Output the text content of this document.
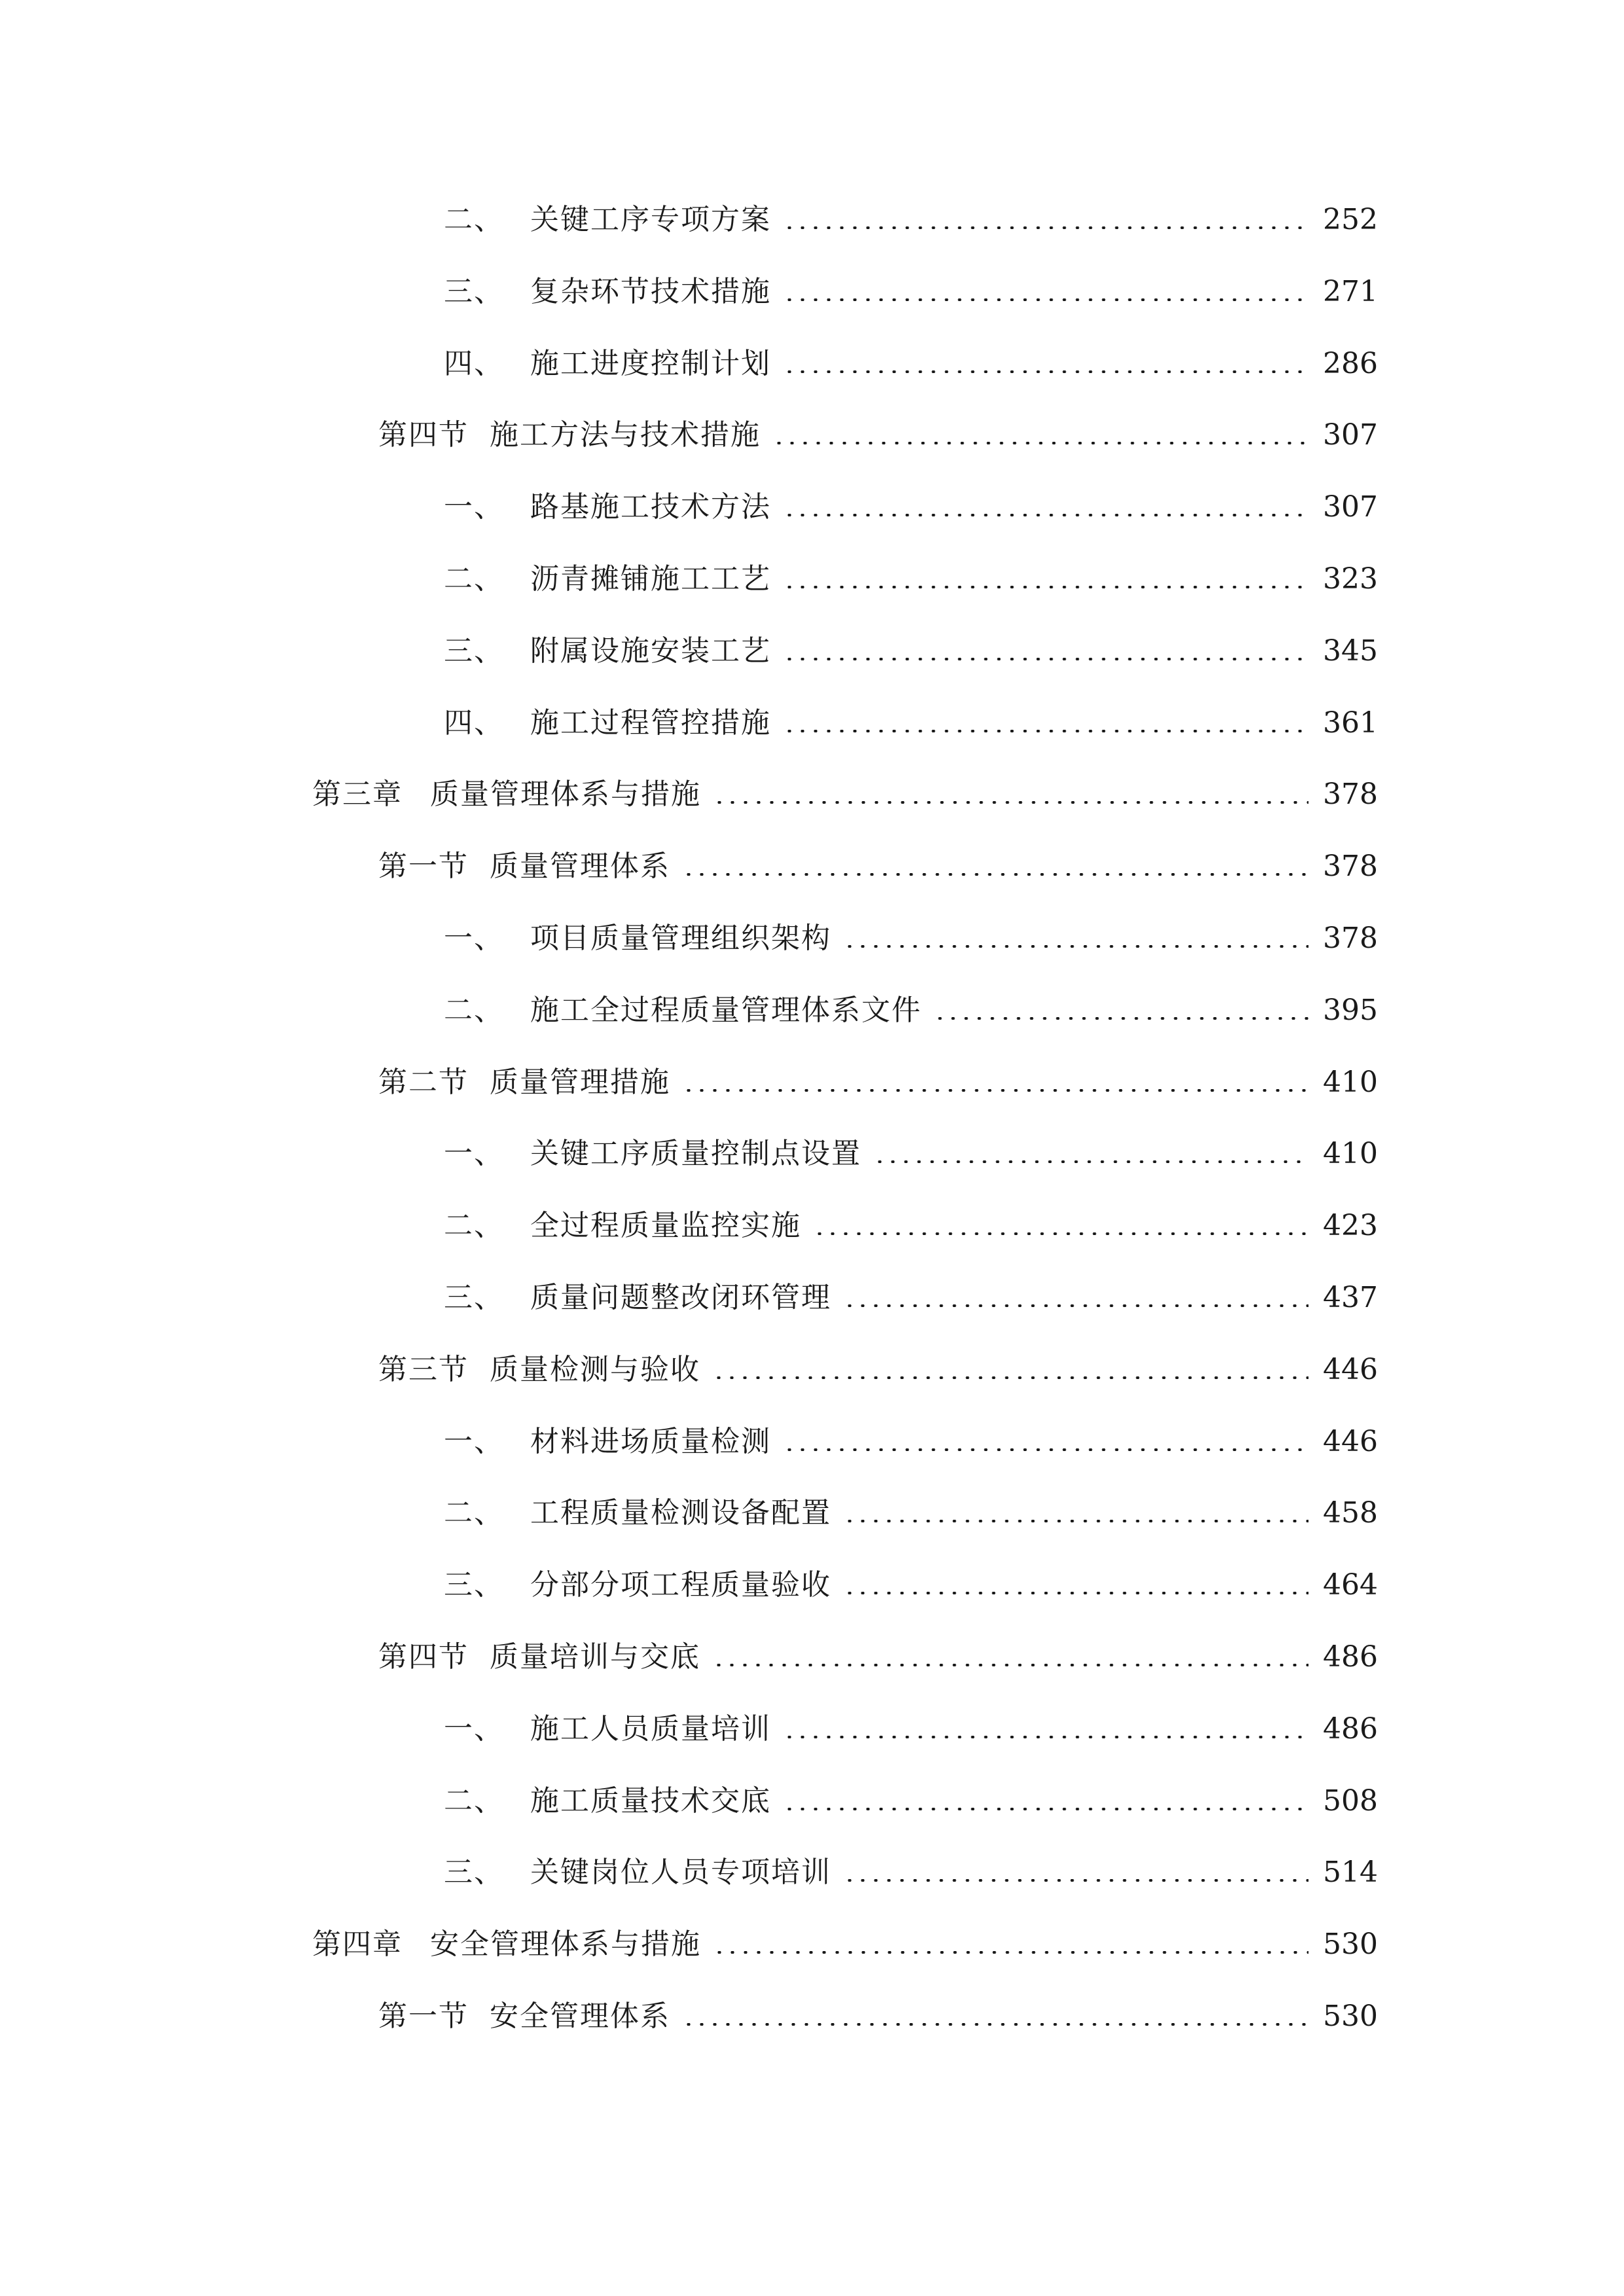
二、 关键工序专项方案	252
三、 复杂环节技术措施	271
四、 施工进度控制计划	286
第四节 施工方法与技术措施	307
一、 路基施工技术方法	307
二、 沥青摊铺施工工艺	323
三、 附属设施安装工艺	345
四、 施工过程管控措施	361
第三章 质量管理体系与措施	378
第一节 质量管理体系	378
一、 项目质量管理组织架构	378
二、 施工全过程质量管理体系文件	395
第二节 质量管理措施	410
一、 关键工序质量控制点设置	410
二、 全过程质量监控实施	423
三、 质量问题整改闭环管理	437
第三节 质量检测与验收	446
一、 材料进场质量检测	446
二、 工程质量检测设备配置	458
三、 分部分项工程质量验收	464
第四节 质量培训与交底	486
一、 施工人员质量培训	486
二、 施工质量技术交底	508
三、 关键岗位人员专项培训	514
第四章 安全管理体系与措施	530
第一节 安全管理体系	530
